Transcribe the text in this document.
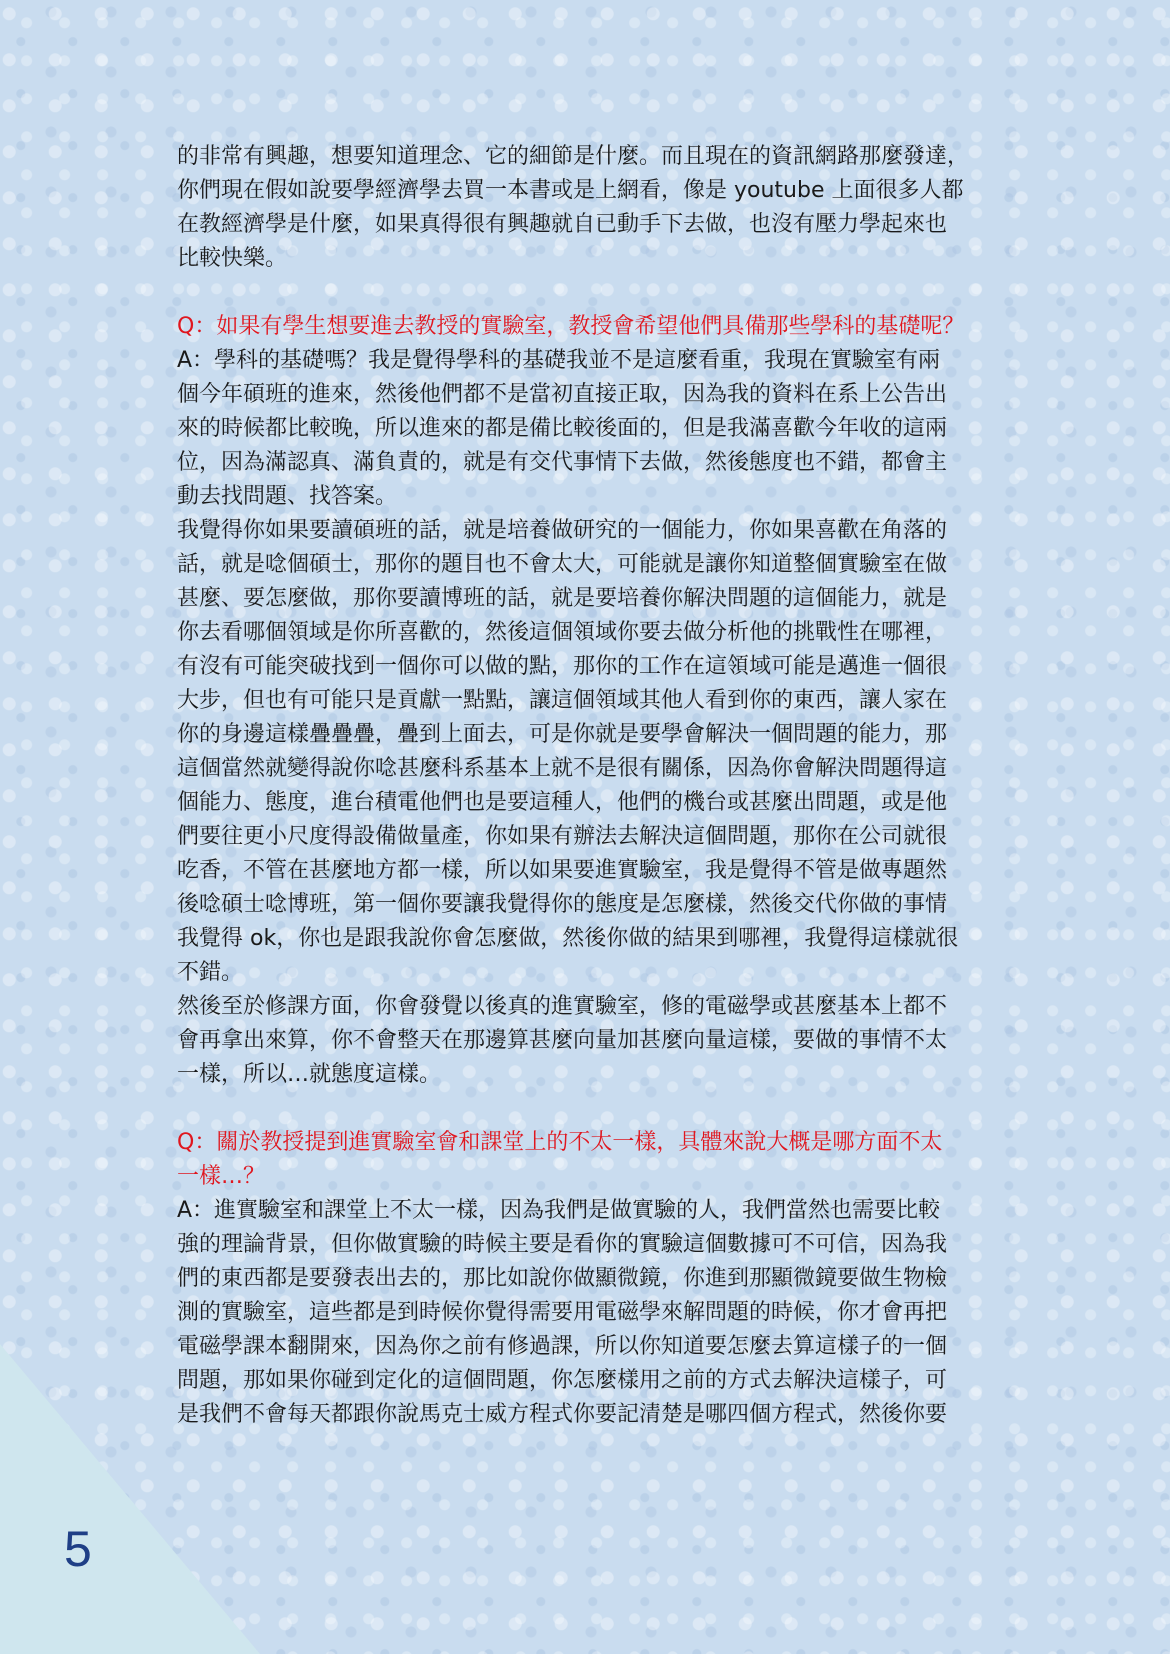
的非常有興趣，想要知道理念、它的細節是什麼。而且現在的資訊網路那麼發達，
你們現在假如說要學經濟學去買一本書或是上網看，像是 youtube 上面很多人都
在教經濟學是什麼，如果真得很有興趣就自已動手下去做，也沒有壓力學起來也
比較快樂。
Q：如果有學生想要進去教授的實驗室，教授會希望他們具備那些學科的基礎呢？
A：學科的基礎嗎？我是覺得學科的基礎我並不是這麼看重，我現在實驗室有兩
個今年碩班的進來，然後他們都不是當初直接正取，因為我的資料在系上公告出
來的時候都比較晚，所以進來的都是備比較後面的，但是我滿喜歡今年收的這兩
位，因為滿認真、滿負責的，就是有交代事情下去做，然後態度也不錯，都會主
動去找問題、找答案。
我覺得你如果要讀碩班的話，就是培養做研究的一個能力，你如果喜歡在角落的
話，就是唸個碩士，那你的題目也不會太大，可能就是讓你知道整個實驗室在做
甚麼、要怎麼做，那你要讀博班的話，就是要培養你解決問題的這個能力，就是
你去看哪個領域是你所喜歡的，然後這個領域你要去做分析他的挑戰性在哪裡，
有沒有可能突破找到一個你可以做的點，那你的工作在這領域可能是邁進一個很
大步，但也有可能只是貢獻一點點，讓這個領域其他人看到你的東西，讓人家在
你的身邊這樣疊疊疊，疊到上面去，可是你就是要學會解決一個問題的能力，那
這個當然就變得說你唸甚麼科系基本上就不是很有關係，因為你會解決問題得這
個能力、態度，進台積電他們也是要這種人，他們的機台或甚麼出問題，或是他
們要往更小尺度得設備做量產，你如果有辦法去解決這個問題，那你在公司就很
吃香，不管在甚麼地方都一樣，所以如果要進實驗室，我是覺得不管是做專題然
後唸碩士唸博班，第一個你要讓我覺得你的態度是怎麼樣，然後交代你做的事情
我覺得 ok，你也是跟我說你會怎麼做，然後你做的結果到哪裡，我覺得這樣就很
不錯。
然後至於修課方面，你會發覺以後真的進實驗室，修的電磁學或甚麼基本上都不
會再拿出來算，你不會整天在那邊算甚麼向量加甚麼向量這樣，要做的事情不太
一樣，所以…就態度這樣。
Q：關於教授提到進實驗室會和課堂上的不太一樣，具體來說大概是哪方面不太
一樣…？
A：進實驗室和課堂上不太一樣，因為我們是做實驗的人，我們當然也需要比較
強的理論背景，但你做實驗的時候主要是看你的實驗這個數據可不可信，因為我
們的東西都是要發表出去的，那比如說你做顯微鏡，你進到那顯微鏡要做生物檢
測的實驗室，這些都是到時候你覺得需要用電磁學來解問題的時候，你才會再把
電磁學課本翻開來，因為你之前有修過課，所以你知道要怎麼去算這樣子的一個
問題，那如果你碰到定化的這個問題，你怎麼樣用之前的方式去解決這樣子，可
是我們不會每天都跟你說馬克士威方程式你要記清楚是哪四個方程式，然後你要
5
